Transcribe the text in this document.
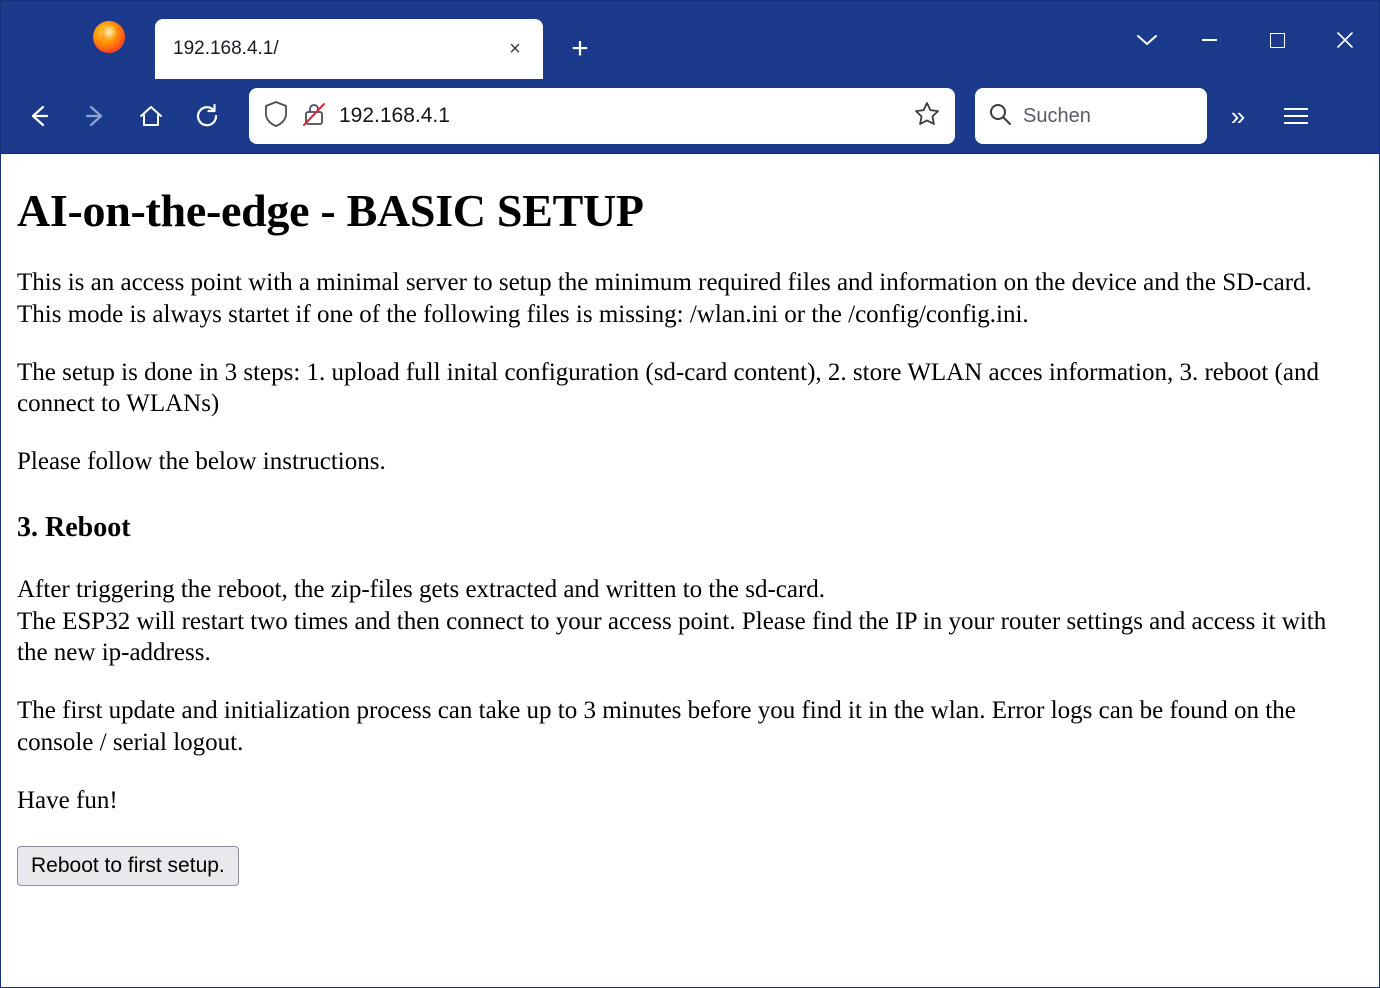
192.168.4.1/	×	+
192.168.4.1	Suchen	»
AI-on-the-edge - BASIC SETUP

This is an access point with a minimal server to setup the minimum required files and information on the device and the SD-card. This mode is always startet if one of the following files is missing: /wlan.ini or the /config/config.ini.

The setup is done in 3 steps: 1. upload full inital configuration (sd-card content), 2. store WLAN acces information, 3. reboot (and connect to WLANs)

Please follow the below instructions.

3. Reboot

After triggering the reboot, the zip-files gets extracted and written to the sd-card.
The ESP32 will restart two times and then connect to your access point. Please find the IP in your router settings and access it with the new ip-address.

The first update and initialization process can take up to 3 minutes before you find it in the wlan. Error logs can be found on the console / serial logout.

Have fun!

Reboot to first setup.
